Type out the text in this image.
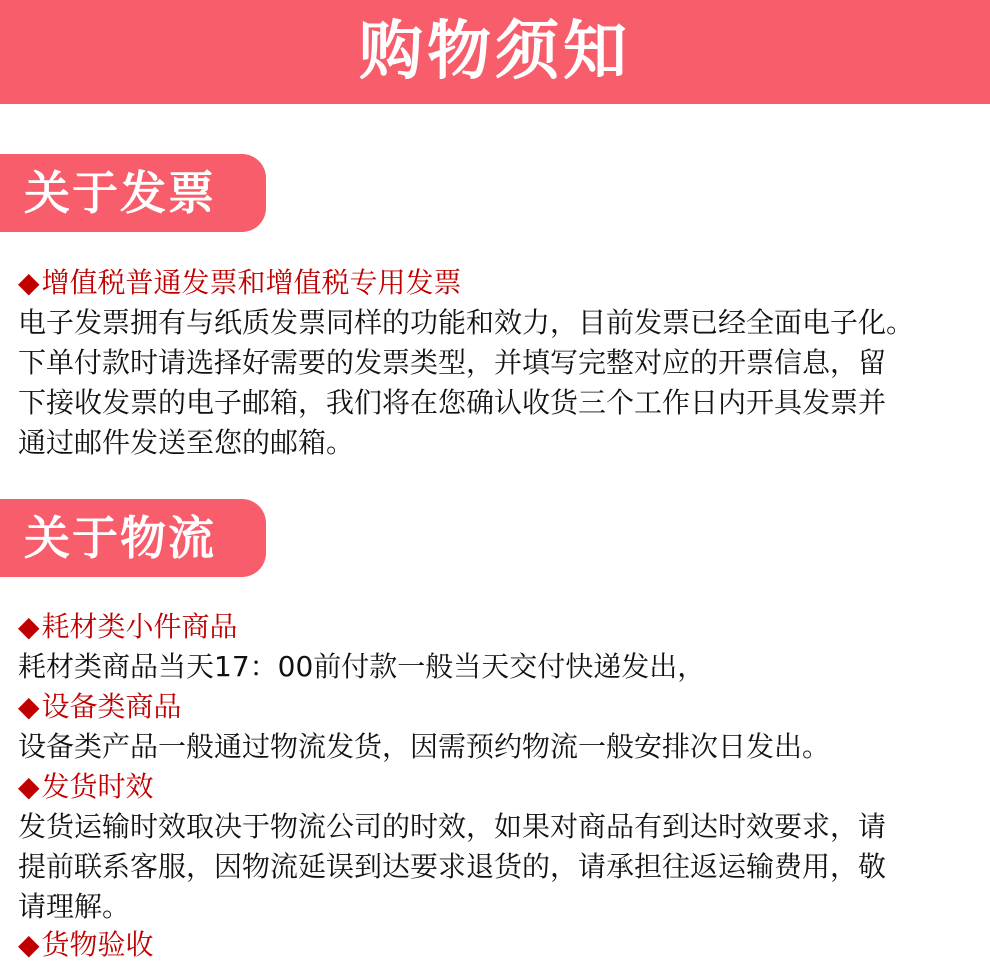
购物须知
关于发票
◆增值税普通发票和增值税专用发票
电子发票拥有与纸质发票同样的功能和效力，目前发票已经全面电子化。
下单付款时请选择好需要的发票类型，并填写完整对应的开票信息，留
下接收发票的电子邮箱，我们将在您确认收货三个工作日内开具发票并
通过邮件发送至您的邮箱。
关于物流
◆耗材类小件商品
耗材类商品当天17：00前付款一般当天交付快递发出，
◆设备类商品
设备类产品一般通过物流发货，因需预约物流一般安排次日发出。
◆发货时效
发货运输时效取决于物流公司的时效，如果对商品有到达时效要求，请
提前联系客服，因物流延误到达要求退货的，请承担往返运输费用，敬
请理解。
◆货物验收
